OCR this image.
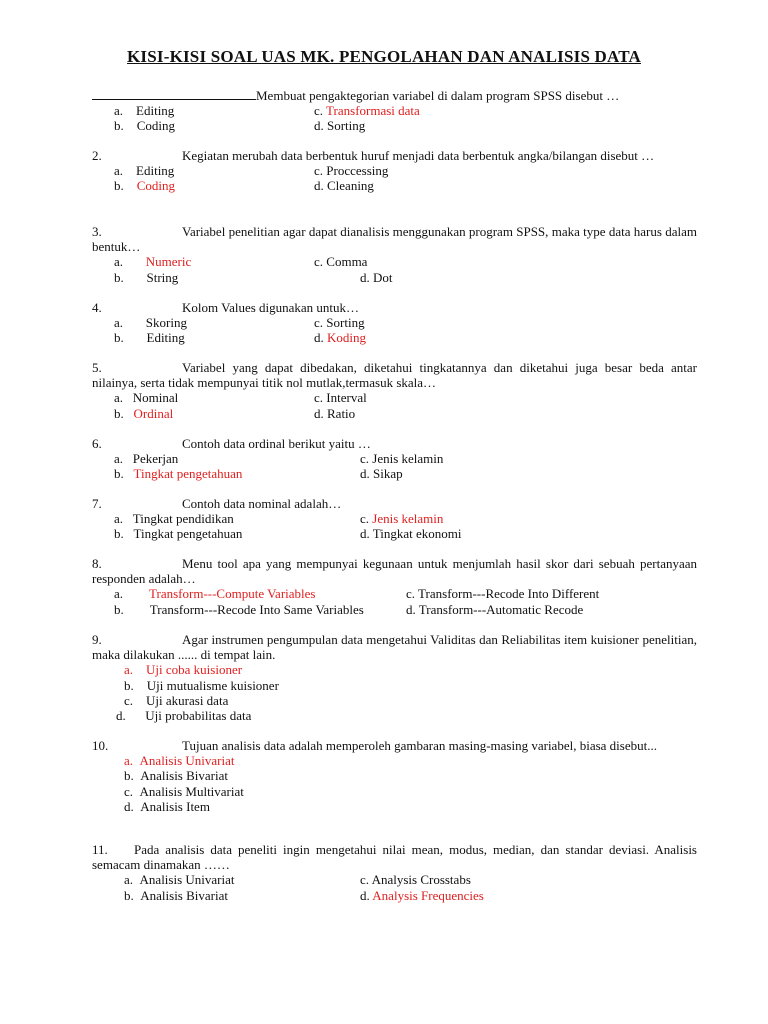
KISI-KISI SOAL UAS MK. PENGOLAHAN DAN ANALISIS DATA
Membuat pengaktegorian variabel di dalam program SPSS disebut …
a.    Editing	c. Transformasi data
b.    Coding	d. Sorting
2.	Kegiatan merubah data berbentuk huruf menjadi data berbentuk angka/bilangan disebut …
a.    Editing	c. Proccessing
b.    Coding	d. Cleaning
3.	Variabel penelitian agar dapat dianalisis menggunakan program SPSS, maka type data harus dalam bentuk…
a.       Numeric	c. Comma
b.       String	d. Dot
4.	Kolom Values digunakan untuk…
a.       Skoring	c. Sorting
b.       Editing	d. Koding
5.	Variabel yang dapat dibedakan, diketahui tingkatannya dan diketahui juga besar beda antar nilainya, serta tidak mempunyai titik nol mutlak,termasuk skala…
a.   Nominal	c. Interval
b.   Ordinal	d. Ratio
6.	Contoh data ordinal berikut yaitu …
a.   Pekerjan	c. Jenis kelamin
b.   Tingkat pengetahuan	d. Sikap
7.	Contoh data nominal adalah…
a.   Tingkat pendidikan	c. Jenis kelamin
b.   Tingkat pengetahuan	d. Tingkat ekonomi
8.	Menu tool apa yang mempunyai kegunaan untuk menjumlah hasil skor dari sebuah pertanyaan responden adalah…
a.        Transform---Compute Variables	c. Transform---Recode Into Different
b.        Transform---Recode Into Same Variables	d. Transform---Automatic Recode
9.	Agar instrumen pengumpulan data mengetahui Validitas dan Reliabilitas item kuisioner penelitian, maka dilakukan ...... di tempat lain.
a.    Uji coba kuisioner
b.    Uji mutualisme kuisioner
c.    Uji akurasi data
d.      Uji probabilitas data
10.	Tujuan analisis data adalah memperoleh gambaran masing-masing variabel, biasa disebut...
a.  Analisis Univariat
b.  Analisis Bivariat
c.  Analisis Multivariat
d.  Analisis Item
11. Pada analisis data peneliti ingin mengetahui nilai mean, modus, median, dan standar deviasi. Analisis semacam dinamakan ……
a.  Analisis Univariat	c. Analysis Crosstabs
b.  Analisis Bivariat	d. Analysis Frequencies
